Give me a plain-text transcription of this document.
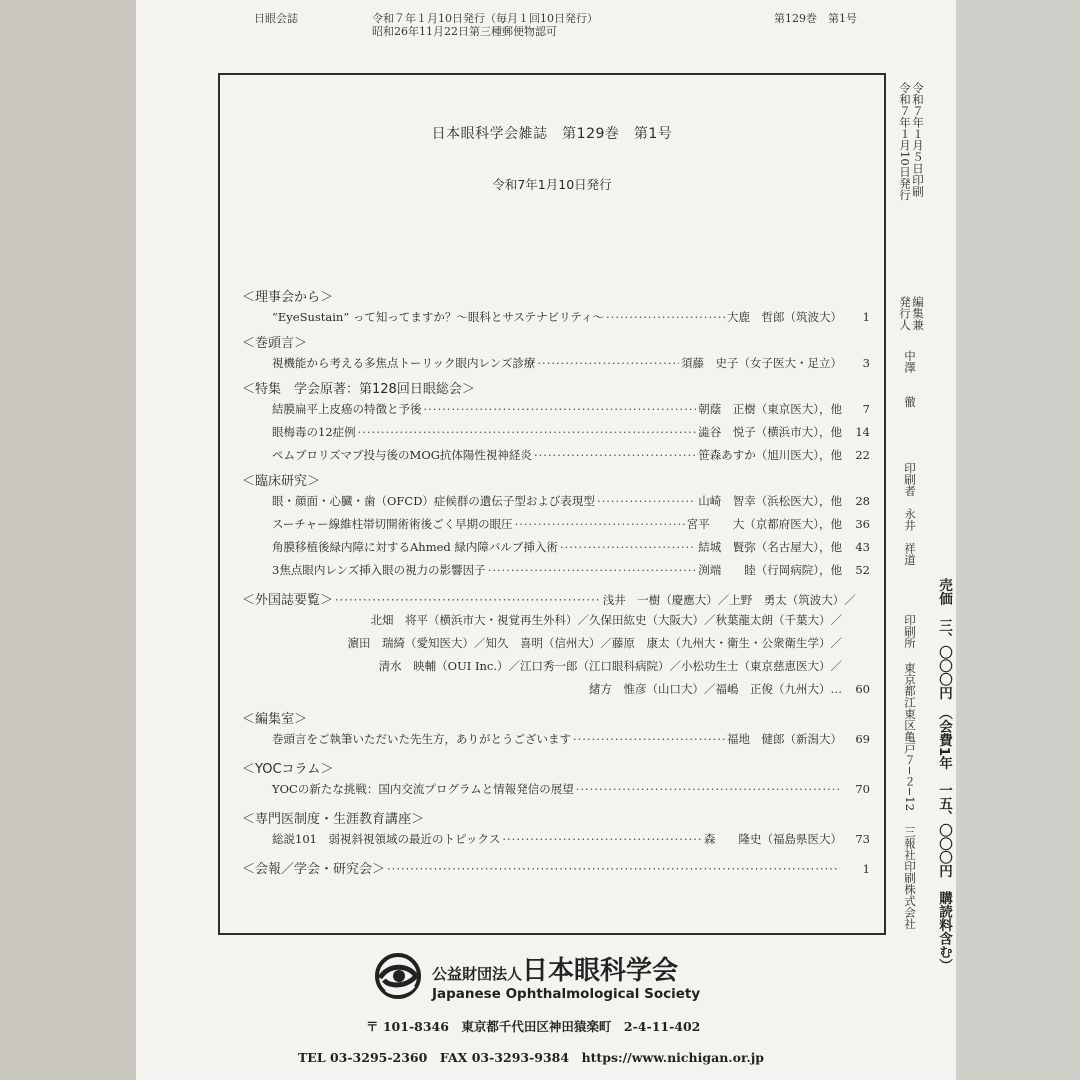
日眼会誌	令和７年１月10日発行（毎月１回10日発行）
昭和26年11月22日第三種郵便物認可
第129巻　第1号
日本眼科学会雑誌　第129巻　第1号
令和7年1月10日発行
＜理事会から＞
“EyeSustain” って知ってますか？〜眼科とサステナビリティ〜 ·····	大鹿　哲郎（筑波大）	1
＜巻頭言＞
視機能から考える多焦点トーリック眼内レンズ診療 ·····	須藤　史子（女子医大・足立）	3
＜特集　学会原著：第128回日眼総会＞
結膜扁平上皮癌の特徴と予後 ·····	朝蔭　正樹（東京医大），他	7
眼梅毒の12症例 ·····	澁谷　悦子（横浜市大），他	14
ペムブロリズマブ投与後のMOG抗体陽性視神経炎 ·····	笹森あすか（旭川医大），他	22
＜臨床研究＞
眼・顔面・心臓・歯（OFCD）症候群の遺伝子型および表現型 ·····	山崎　智幸（浜松医大），他	28
スーチャー線維柱帯切開術術後ごく早期の眼圧 ·····	宮平　　大（京都府医大），他	36
角膜移植後緑内障に対するAhmed 緑内障バルブ挿入術 ·····	結城　賢弥（名古屋大），他	43
3焦点眼内レンズ挿入眼の視力の影響因子 ·····	渕端　　睦（行岡病院），他	52
＜外国誌要覧＞ ·····	浅井　一樹（慶應大）／上野　勇太（筑波大）／
北畑　将平（横浜市大・視覚再生外科）／久保田紘史（大阪大）／秋葉龍太朗（千葉大）／
濵田　瑞綺（愛知医大）／知久　喜明（信州大）／藤原　康太（九州大・衛生・公衆衛生学）／
清水　映輔（OUI Inc.）／江口秀一郎（江口眼科病院）／小松功生士（東京慈恵医大）／
緒方　惟彦（山口大）／福嶋　正俊（九州大）… 60
＜編集室＞
巻頭言をご執筆いただいた先生方，ありがとうございます ·····	福地　健郎（新潟大）	69
＜YOCコラム＞
YOCの新たな挑戦：国内交流プログラムと情報発信の展望 ·····	70
＜専門医制度・生涯教育講座＞
総説101　弱視斜視領域の最近のトピックス ·····	森　　隆史（福島県医大）	73
＜会報／学会・研究会＞ ·····	1
公益財団法人日本眼科学会
Japanese Ophthalmological Society
〒 101-8346　東京都千代田区神田猿楽町　2-4-11-402
TEL 03-3295-2360　FAX 03-3293-9384　https://www.nichigan.or.jp
令和７年１月５日印刷
令和７年１月10日発行
編集兼
発行人
中澤　　徹
印刷者
永井　祥道
印刷所
東京都江東区亀戸７−２−12
三報社印刷株式会社 売価　三、〇〇〇円　（会費1年　一五、〇〇〇円　購読料含む）
